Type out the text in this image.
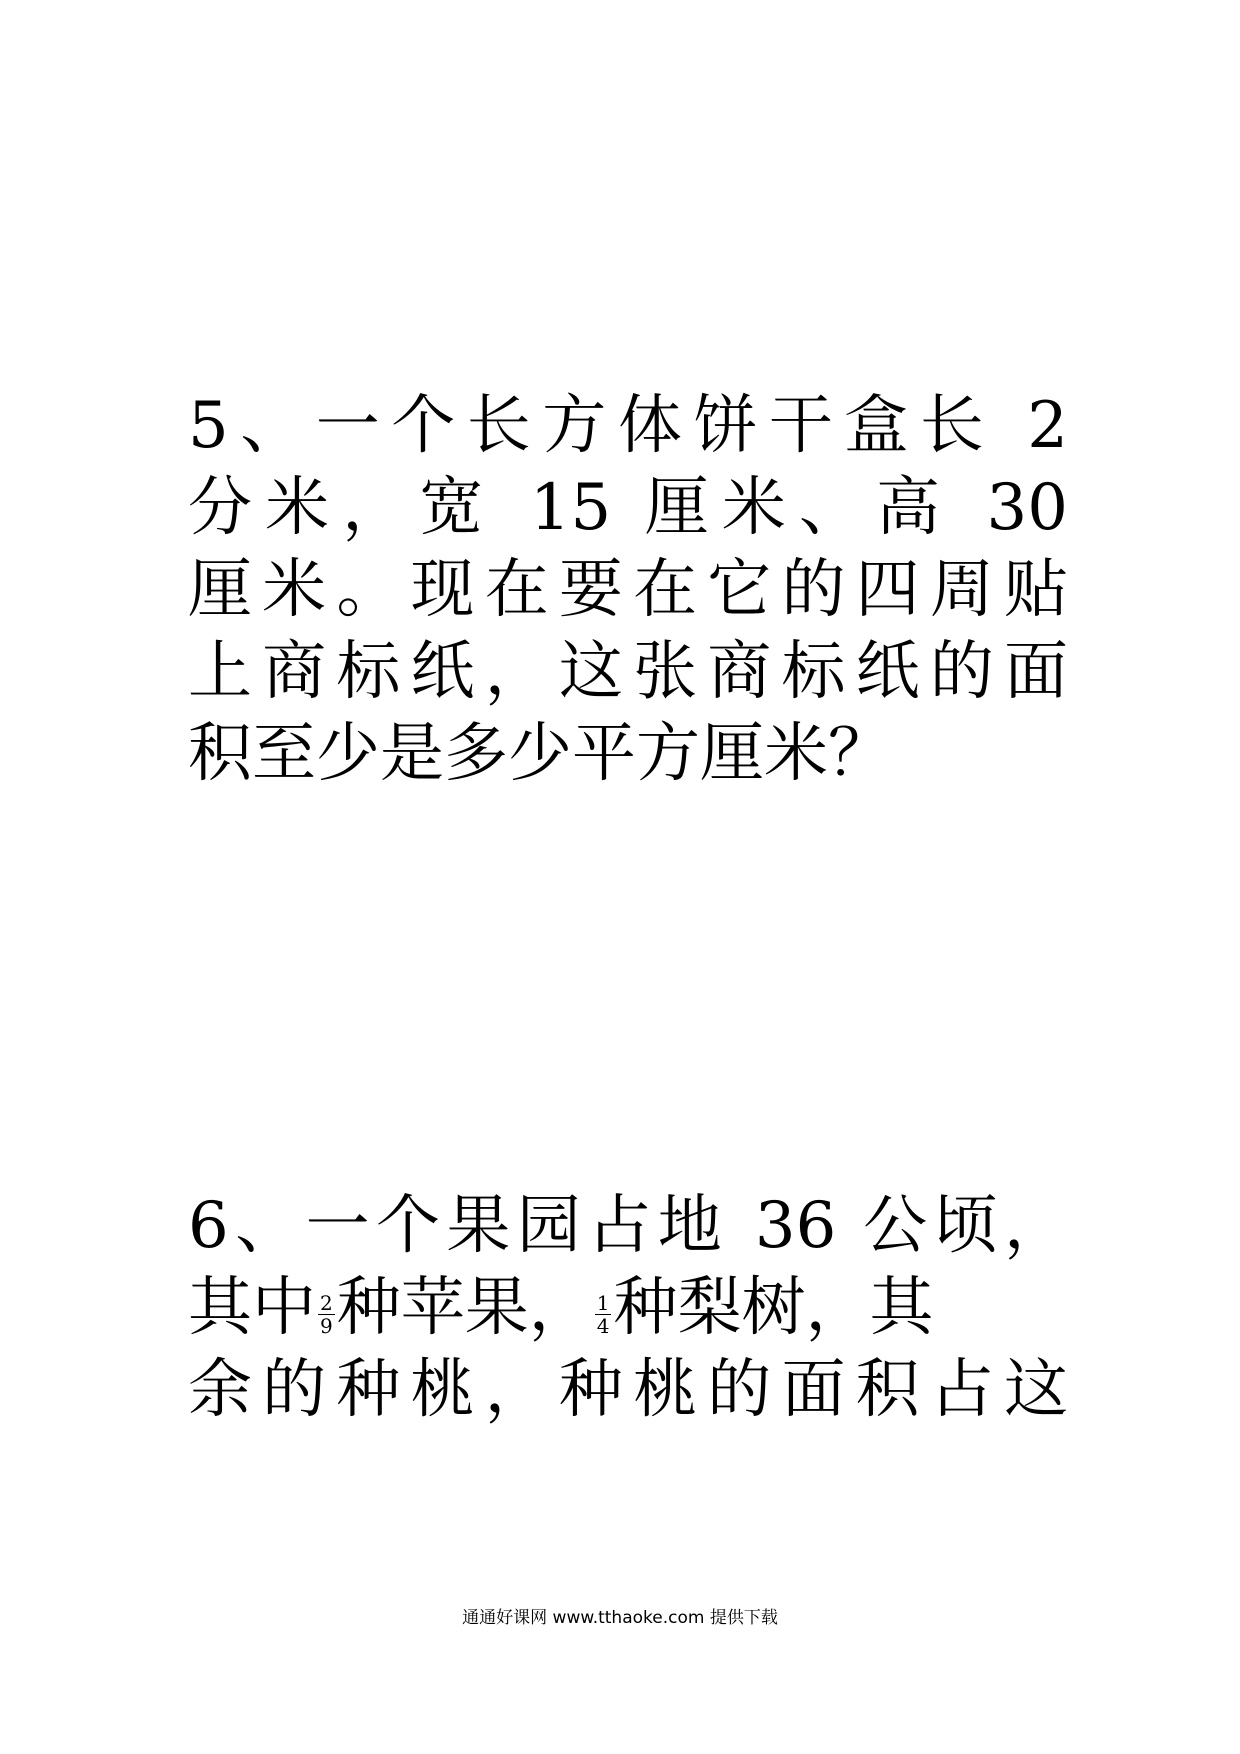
5、一个长方体饼干盒长 2
分米，宽 15 厘米、高 30
厘米。现在要在它的四周贴
上商标纸，这张商标纸的面
积至少是多少平方厘米？
6、一个果园占地 36 公顷，
其中 $\frac{2}{9}$ 种苹果， $\frac{1}{4}$ 种梨树，其
余的种桃，种桃的面积占这
通通好课网 www.tthaoke.com 提供下载
